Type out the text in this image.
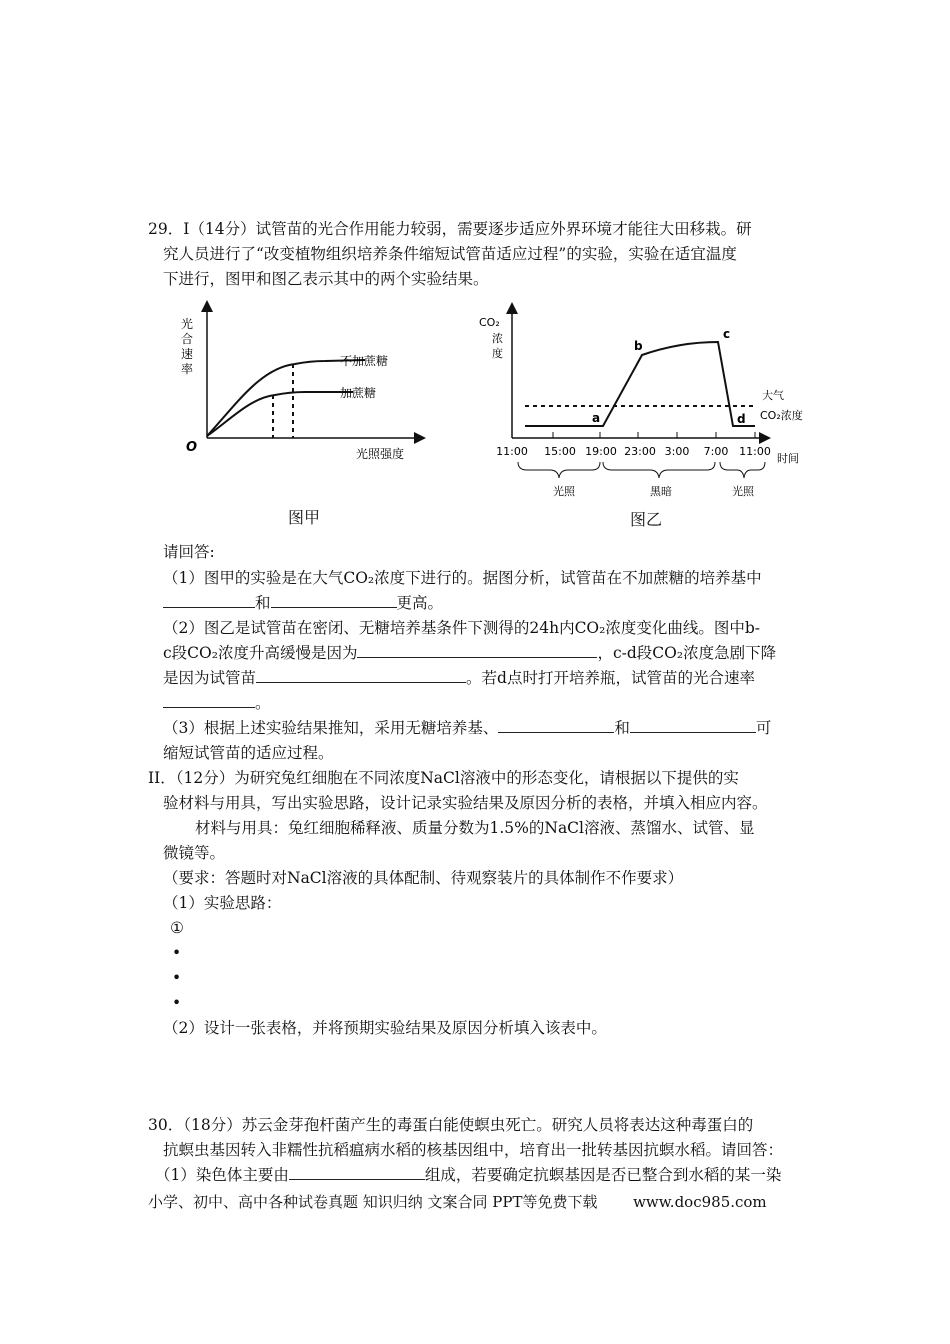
29．Ⅰ（14分）试管苗的光合作用能力较弱，需要逐步适应外界环境才能往大田移栽。研
究人员进行了“改变植物组织培养条件缩短试管苗适应过程”的实验，实验在适宜温度
下进行，图甲和图乙表示其中的两个实验结果。
光
合
速
率
O	光照强度
不加蔗糖
加蔗糖
图甲
CO₂
浓
度
11:00 15:00 19:00 23:00 3:00 7:00 11:00
时间
大气
CO₂浓度
a
b
c
d
光照	黑暗	光照
图乙
请回答:
（1）图甲的实验是在大气CO₂浓度下进行的。据图分析，试管苗在不加蔗糖的培养基中
和	更高。
（2）图乙是试管苗在密闭、无糖培养基条件下测得的24h内CO₂浓度变化曲线。图中b-
c段CO₂浓度升高缓慢是因为	，c-d段CO₂浓度急剧下降
是因为试管苗	。若d点时打开培养瓶，试管苗的光合速率
。
（3）根据上述实验结果推知，采用无糖培养基、	和	可
缩短试管苗的适应过程。
II．（12分）为研究兔红细胞在不同浓度NaCl溶液中的形态变化，请根据以下提供的实
验材料与用具，写出实验思路，设计记录实验结果及原因分析的表格，并填入相应内容。
材料与用具：兔红细胞稀释液、质量分数为1.5%的NaCl溶液、蒸馏水、试管、显
微镜等。
（要求：答题时对NaCl溶液的具体配制、待观察装片的具体制作不作要求）
（1）实验思路：
①
•
•
•
（2）设计一张表格，并将预期实验结果及原因分析填入该表中。
30．（18分）苏云金芽孢杆菌产生的毒蛋白能使螟虫死亡。研究人员将表达这种毒蛋白的
抗螟虫基因转入非糯性抗稻瘟病水稻的核基因组中，培育出一批转基因抗螟水稻。请回答：
（1）染色体主要由	组成，若要确定抗螟基因是否已整合到水稻的某一染
小学、初中、高中各种试卷真题 知识归纳 文案合同 PPT等免费下载 www.doc985.com
